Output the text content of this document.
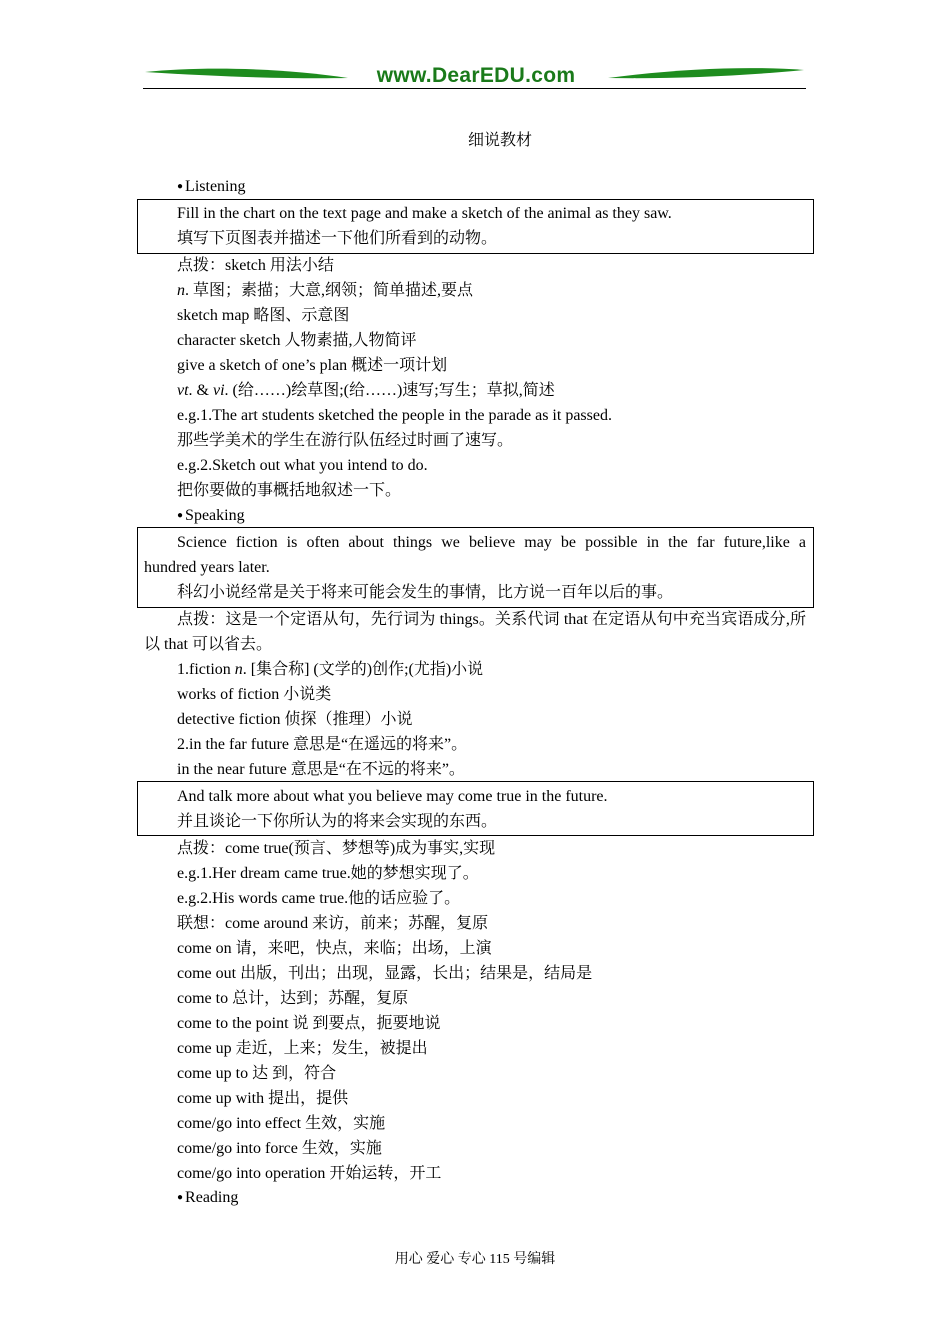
www.DearEDU.com
细说教材
● Listening
Fill in the chart on the text page and make a sketch of the animal as they saw.
填写下页图表并描述一下他们所看到的动物。
点拨：sketch 用法小结
n. 草图；素描；大意,纲领；简单描述,要点
sketch map 略图、示意图
character sketch 人物素描,人物简评
give a sketch of one’s plan 概述一项计划
vt. & vi. (给……)绘草图;(给……)速写;写生；草拟,简述
e.g.1.The art students sketched the people in the parade as it passed.
那些学美术的学生在游行队伍经过时画了速写。
e.g.2.Sketch out what you intend to do.
把你要做的事概括地叙述一下。
● Speaking
Science fiction is often about things we believe may be possible in the far future,like a
hundred years later.
科幻小说经常是关于将来可能会发生的事情，比方说一百年以后的事。
点拨：这是一个定语从句，先行词为 things。关系代词 that 在定语从句中充当宾语成分,所
以 that 可以省去。
1.fiction n. [集合称] (文学的)创作;(尤指)小说
works of fiction 小说类
detective fiction 侦探（推理）小说
2.in the far future 意思是“在遥远的将来”。
in the near future 意思是“在不远的将来”。
And talk more about what you believe may come true in the future.
并且谈论一下你所认为的将来会实现的东西。
点拨：come true(预言、梦想等)成为事实,实现
e.g.1.Her dream came true.她的梦想实现了。
e.g.2.His words came true.他的话应验了。
联想：come around 来访，前来；苏醒，复原
come on 请，来吧，快点，来临；出场，上演
come out 出版，刊出；出现，显露，长出；结果是，结局是
come to 总计，达到；苏醒，复原
come to the point 说 到要点，扼要地说
come up 走近，上来；发生，被提出
come up to 达 到，符合
come up with 提出，提供
come/go into effect 生效，实施
come/go into force 生效，实施
come/go into operation 开始运转，开工
● Reading
用心 爱心 专心 115 号编辑
